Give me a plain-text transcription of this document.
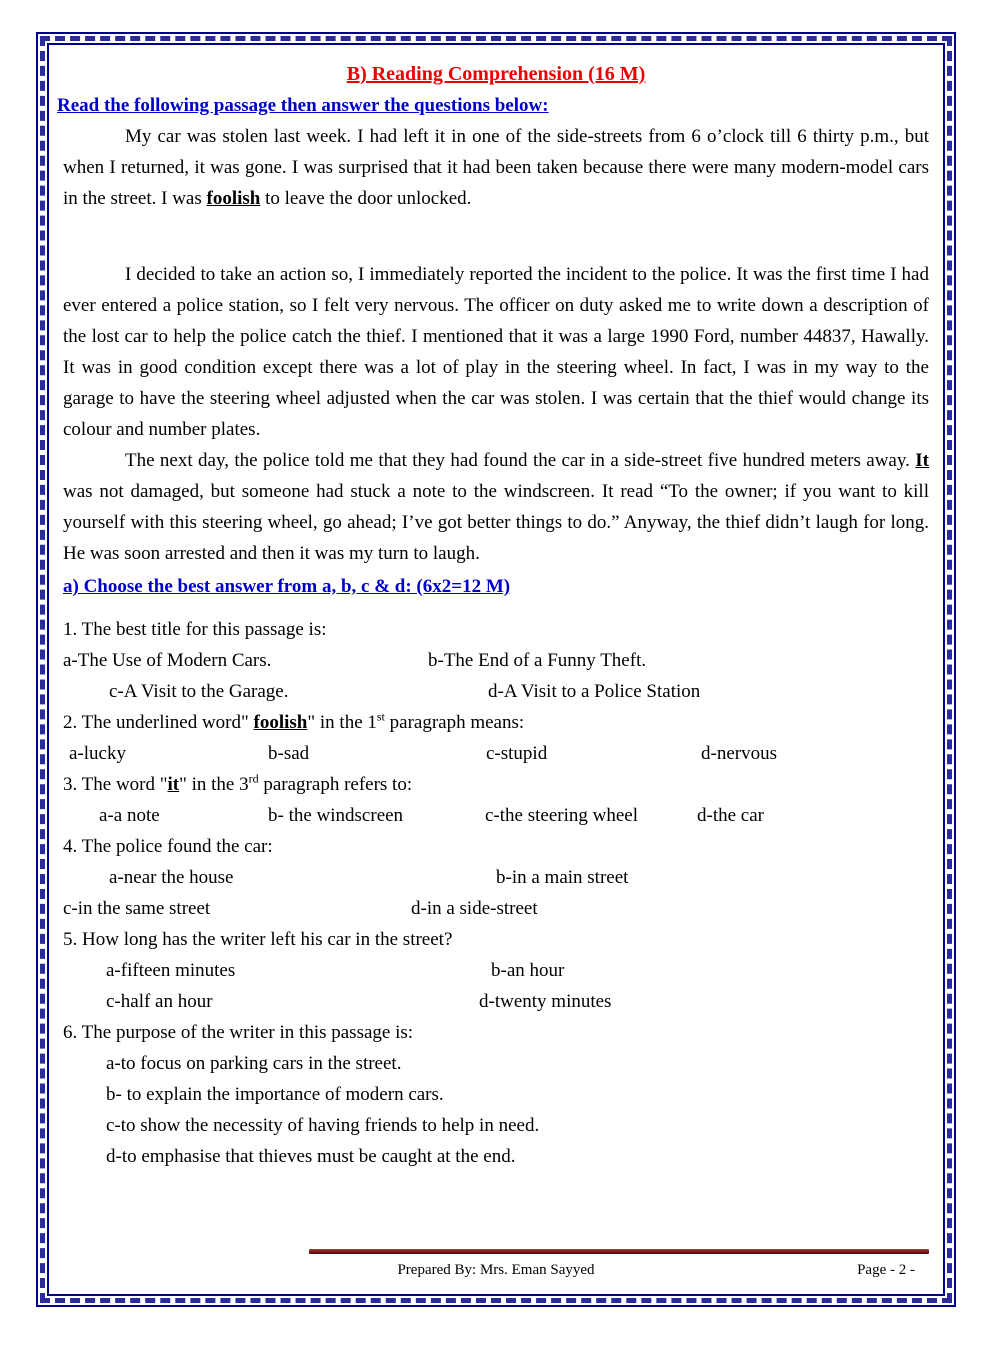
B) Reading Comprehension (16 M)
Read the following passage then answer the questions below:

My car was stolen last week. I had left it in one of the side-streets from 6 o’clock till 6 thirty p.m., but when I returned, it was gone. I was surprised that it had been taken because there were many modern-model cars in the street. I was foolish to leave the door unlocked.

I decided to take an action so, I immediately reported the incident to the police. It was the first time I had ever entered a police station, so I felt very nervous. The officer on duty asked me to write down a description of the lost car to help the police catch the thief. I mentioned that it was a large 1990 Ford, number 44837, Hawally. It was in good condition except there was a lot of play in the steering wheel. In fact, I was in my way to the garage to have the steering wheel adjusted when the car was stolen. I was certain that the thief would change its colour and number plates.

The next day, the police told me that they had found the car in a side-street five hundred meters away. It was not damaged, but someone had stuck a note to the windscreen. It read “To the owner; if you want to kill yourself with this steering wheel, go ahead; I’ve got better things to do.” Anyway, the thief didn’t laugh for long. He was soon arrested and then it was my turn to laugh.

a) Choose the best answer from a, b, c & d: (6x2=12 M)
1. The best title for this passage is:
a-The Use of Modern Cars.	b-The End of a Funny Theft.
c-A Visit to the Garage.	d-A Visit to a Police Station
2. The underlined word" foolish" in the 1st paragraph means:
a-lucky	b-sad	c-stupid	d-nervous
3. The word "it" in the 3rd paragraph refers to:
a-a note	b- the windscreen	c-the steering wheel	d-the car
4. The police found the car:
a-near the house	b-in a main street
c-in the same street	d-in a side-street
5. How long has the writer left his car in the street?
a-fifteen minutes	b-an hour
c-half an hour	d-twenty minutes
6. The purpose of the writer in this passage is:
a-to focus on parking cars in the street.
b- to explain the importance of modern cars.
c-to show the necessity of having friends to help in need.
d-to emphasise that thieves must be caught at the end.
Prepared By: Mrs. Eman Sayyed	Page - 2 -
